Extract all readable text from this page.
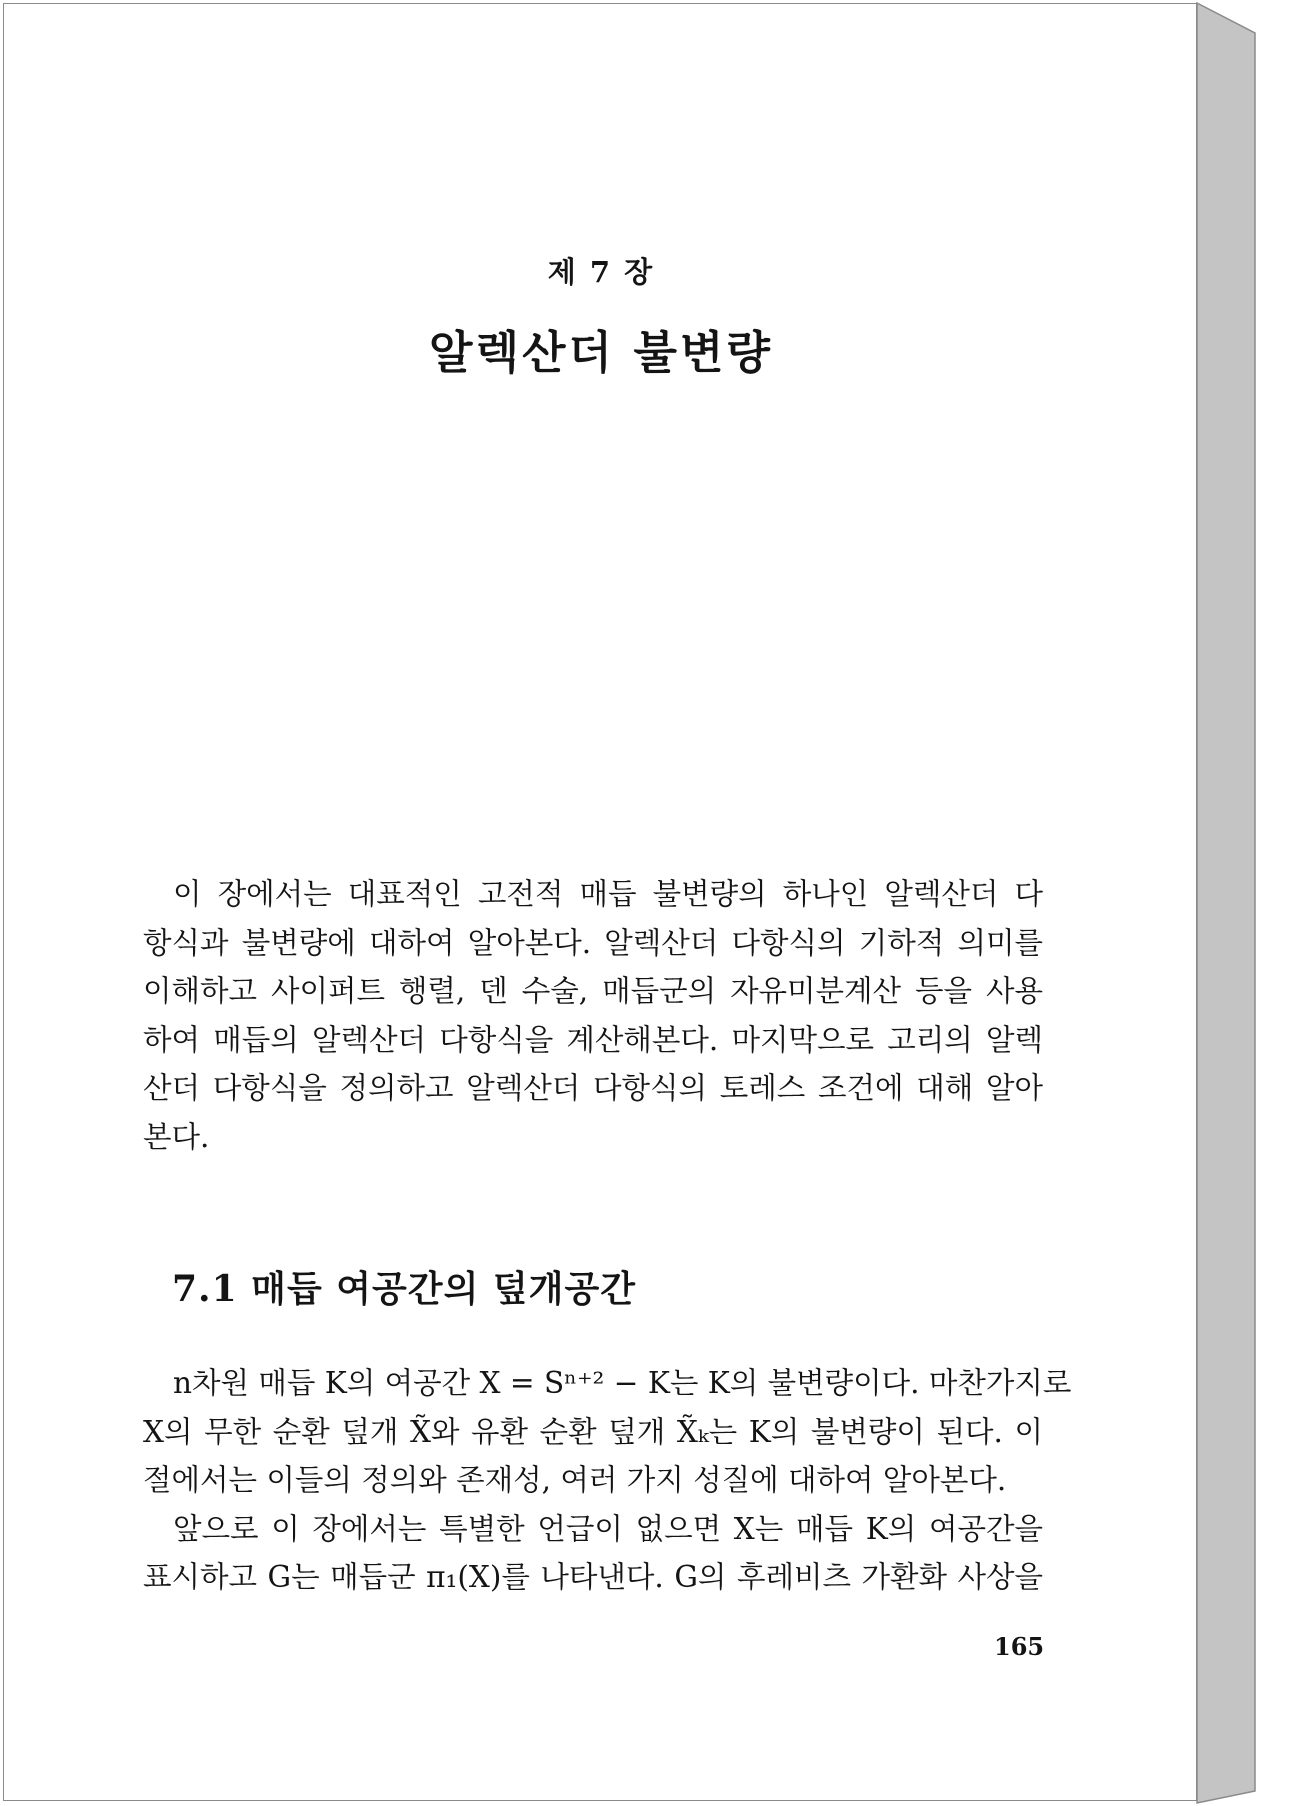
제 7 장
알렉산더 불변량
이 장에서는 대표적인 고전적 매듭 불변량의 하나인 알렉산더 다
항식과 불변량에 대하여 알아본다. 알렉산더 다항식의 기하적 의미를
이해하고 사이퍼트 행렬, 덴 수술, 매듭군의 자유미분계산 등을 사용
하여 매듭의 알렉산더 다항식을 계산해본다. 마지막으로 고리의 알렉
산더 다항식을 정의하고 알렉산더 다항식의 토레스 조건에 대해 알아
본다.
7.1 매듭 여공간의 덮개공간
n차원 매듭 K의 여공간 X = Sⁿ⁺² − K는 K의 불변량이다. 마찬가지로
X의 무한 순환 덮개 X̃와 유환 순환 덮개 X̃ₖ는 K의 불변량이 된다. 이
절에서는 이들의 정의와 존재성, 여러 가지 성질에 대하여 알아본다.
앞으로 이 장에서는 특별한 언급이 없으면 X는 매듭 K의 여공간을
표시하고 G는 매듭군 π₁(X)를 나타낸다. G의 후레비츠 가환화 사상을
165
